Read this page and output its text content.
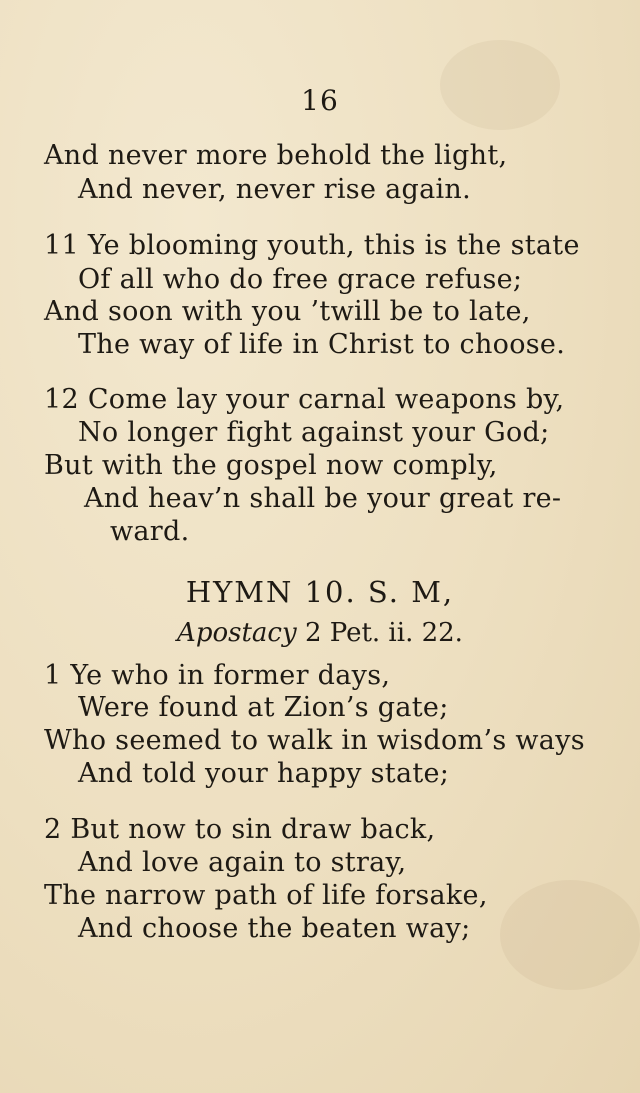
16
And never more behold the light,
And never, never rise again.
11 Ye blooming youth, this is the state
Of all who do free grace refuse;
And soon with you ’twill be to late,
The way of life in Christ to choose.
12 Come lay your carnal weapons by,
No longer fight against your God;
But with the gospel now comply,
And heav’n shall be your great re-
ward.
HYMN 10. S. M,
Apostacy 2 Pet. ii. 22.
1 Ye who in former days,
Were found at Zion’s gate;
Who seemed to walk in wisdom’s ways
And told your happy state;
2 But now to sin draw back,
And love again to stray,
The narrow path of life forsake,
And choose the beaten way;
